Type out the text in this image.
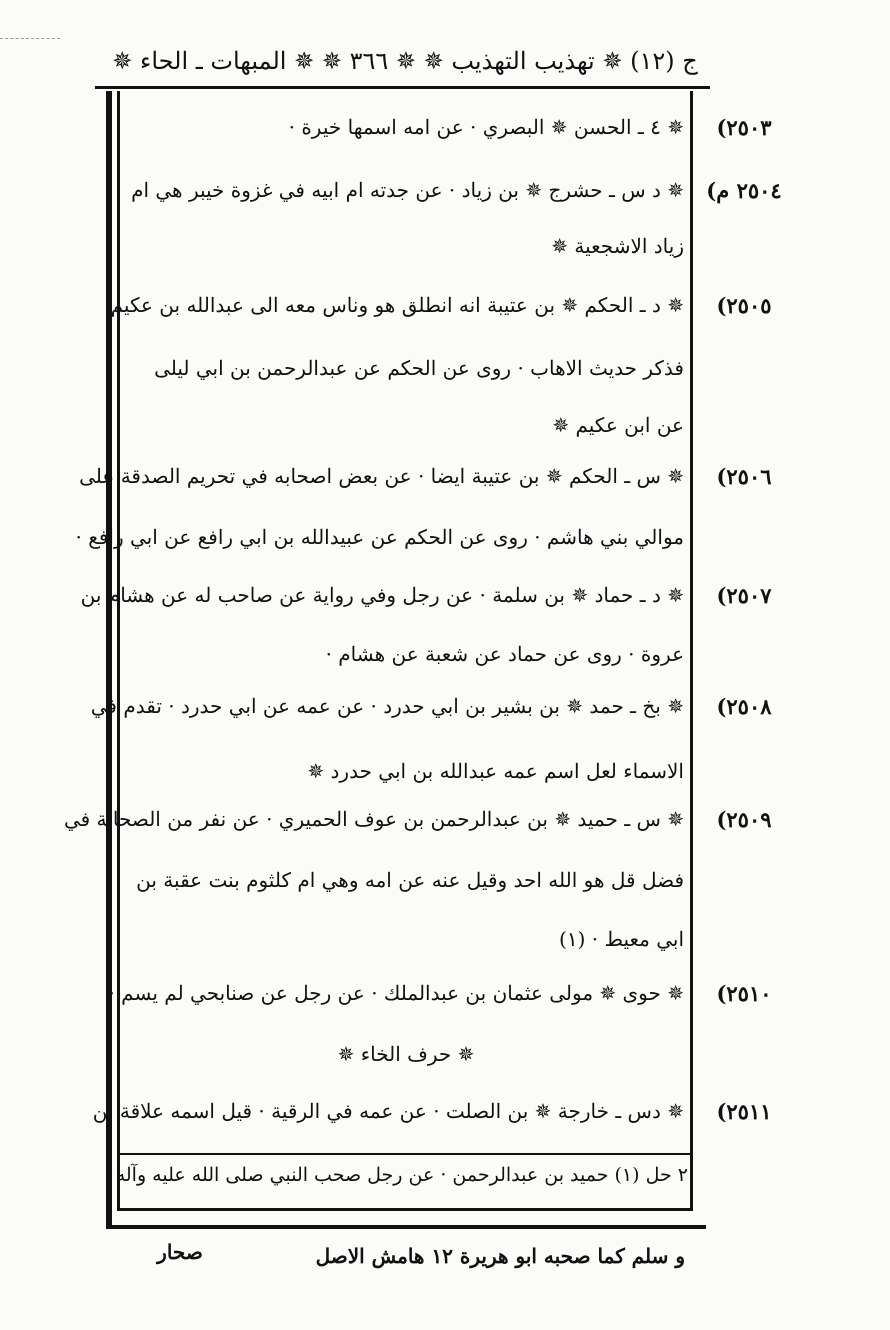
ج (١٢) ✵ تهذيب التهذيب ✵ ✵ ٣٦٦ ✵ ✵ المبهات ـ الحاء ✵
(٢٥٠٣
✵ ٤ ـ الحسن ✵ البصري · عن امه اسمها خيرة ·
(٢٥٠٤ م
✵ د س ـ حشرج ✵ بن زياد · عن جدته ام ابيه في غزوة خيبر هي ام
زياد الاشجعية ✵
(٢٥٠٥
✵ د ـ الحكم ✵ بن عتيبة انه انطلق هو وناس معه الى عبدالله بن عكيم
فذكر حديث الاهاب · روى عن الحكم عن عبدالرحمن بن ابي ليلى
عن ابن عكيم ✵
(٢٥٠٦
✵ س ـ الحكم ✵ بن عتيبة ايضا · عن بعض اصحابه في تحريم الصدقة على
موالي بني هاشم · روى عن الحكم عن عبيدالله بن ابي رافع عن ابي رافع ·
(٢٥٠٧
✵ د ـ حماد ✵ بن سلمة · عن رجل وفي رواية عن صاحب له عن هشام بن
عروة · روى عن حماد عن شعبة عن هشام ·
(٢٥٠٨
✵ بخ ـ حمد ✵ بن بشير بن ابي حدرد · عن عمه عن ابي حدرد · تقدم في
الاسماء لعل اسم عمه عبدالله بن ابي حدرد ✵
(٢٥٠٩
✵ س ـ حميد ✵ بن عبدالرحمن بن عوف الحميري · عن نفر من الصحابة في
فضل قل هو الله احد وقيل عنه عن امه وهي ام كلثوم بنت عقبة بن
ابي معيط · (١)
(٢٥١٠
✵ حوى ✵ مولى عثمان بن عبدالملك · عن رجل عن صنابحي لم يسم ·
✵ حرف الخاء ✵
(٢٥١١
✵ دس ـ خارجة ✵ بن الصلت · عن عمه في الرقية · قيل اسمه علاقة بن
٢ حل (١) حميد بن عبدالرحمن · عن رجل صحب النبي صلى الله عليه وآله
و سلم كما صحبه ابو هريرة ١٢ هامش الاصل
صحار
